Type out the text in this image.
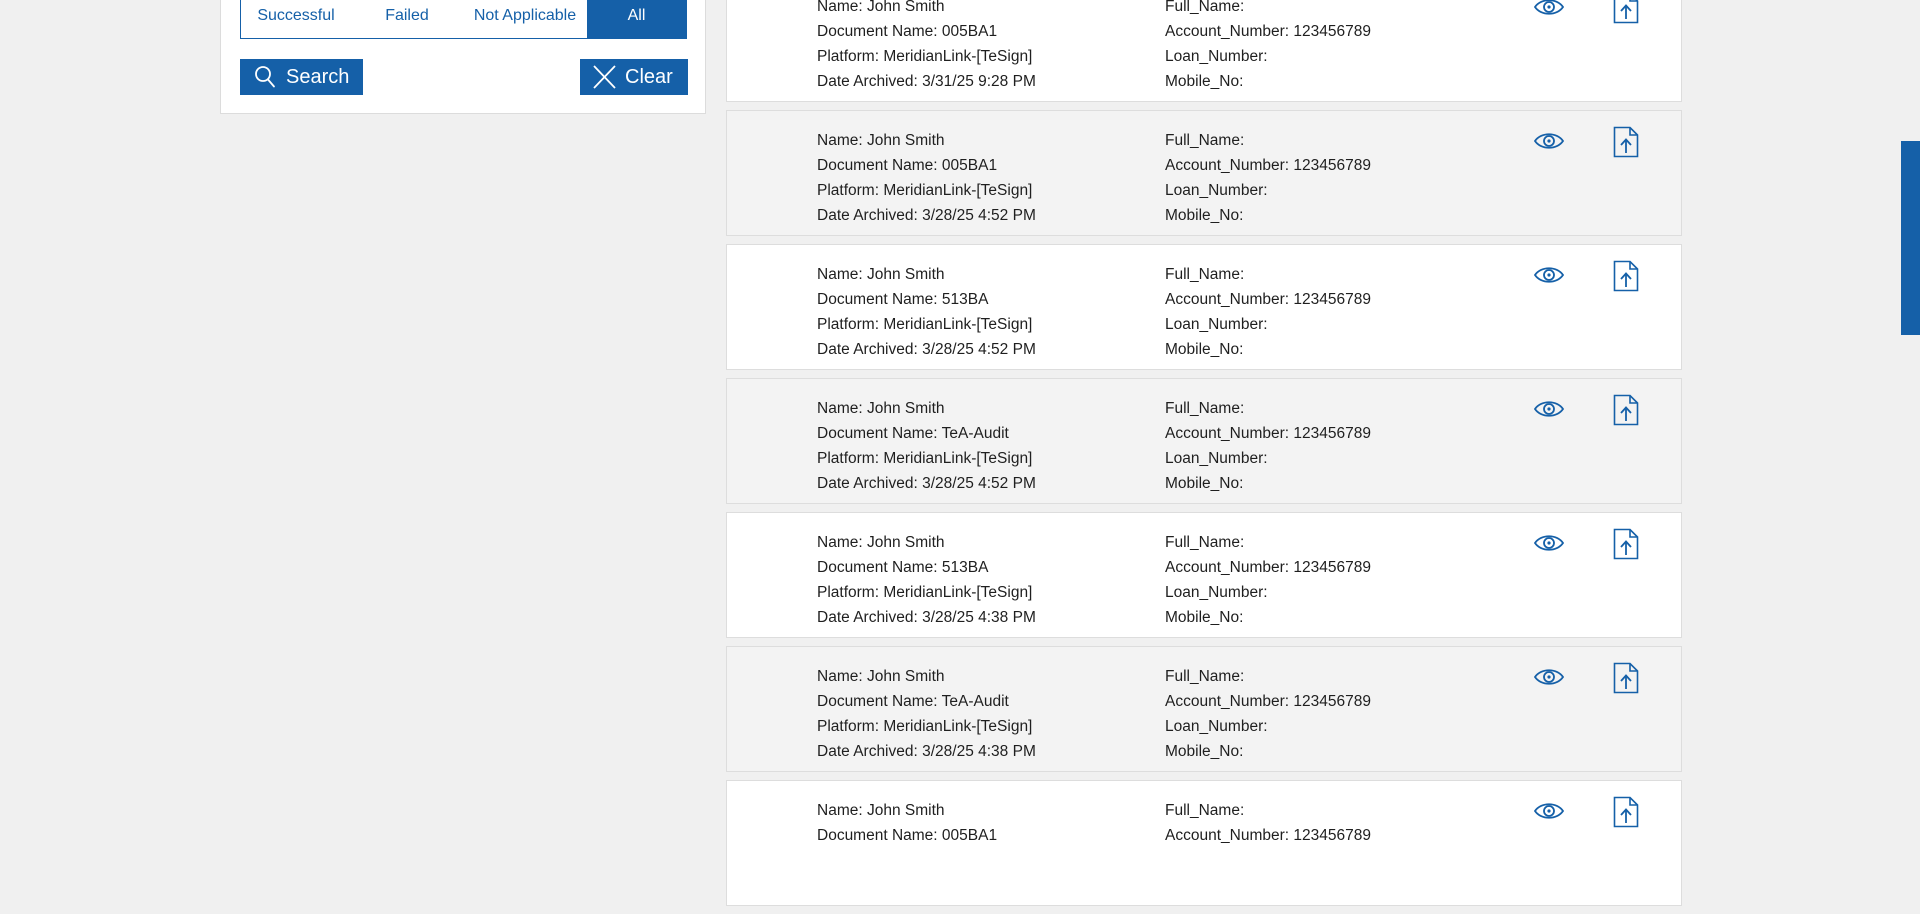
Successful	Failed	Not Applicable	All
Search	Clear
Name: John Smith
Document Name: 005BA1
Platform: MeridianLink-[TeSign]
Date Archived: 3/31/25 9:28 PM
Full_Name:
Account_Number: 123456789
Loan_Number:
Mobile_No:
Name: John Smith
Document Name: 005BA1
Platform: MeridianLink-[TeSign]
Date Archived: 3/28/25 4:52 PM
Full_Name:
Account_Number: 123456789
Loan_Number:
Mobile_No:
Name: John Smith
Document Name: 513BA
Platform: MeridianLink-[TeSign]
Date Archived: 3/28/25 4:52 PM
Full_Name:
Account_Number: 123456789
Loan_Number:
Mobile_No:
Name: John Smith
Document Name: TeA-Audit
Platform: MeridianLink-[TeSign]
Date Archived: 3/28/25 4:52 PM
Full_Name:
Account_Number: 123456789
Loan_Number:
Mobile_No:
Name: John Smith
Document Name: 513BA
Platform: MeridianLink-[TeSign]
Date Archived: 3/28/25 4:38 PM
Full_Name:
Account_Number: 123456789
Loan_Number:
Mobile_No:
Name: John Smith
Document Name: TeA-Audit
Platform: MeridianLink-[TeSign]
Date Archived: 3/28/25 4:38 PM
Full_Name:
Account_Number: 123456789
Loan_Number:
Mobile_No:
Name: John Smith
Document Name: 005BA1
Full_Name:
Account_Number: 123456789
